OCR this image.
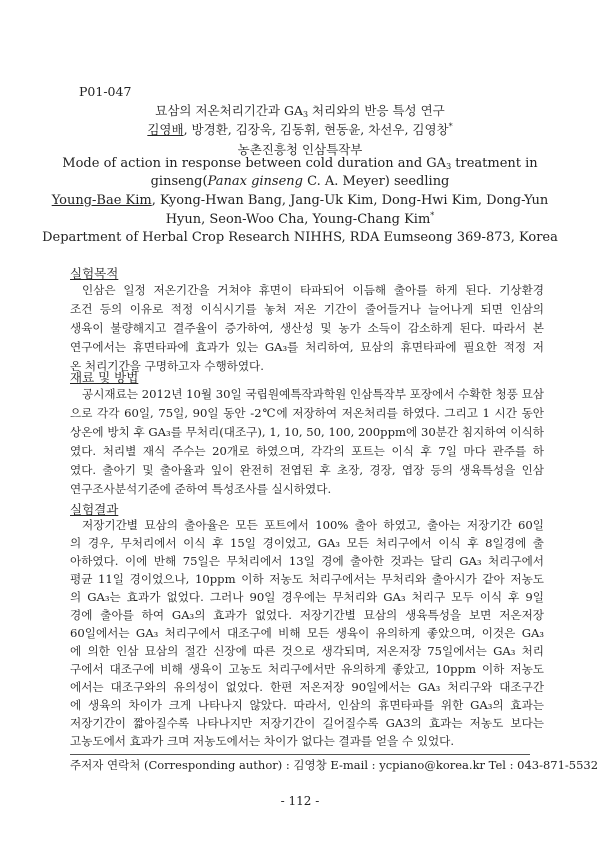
P01-047
묘삼의 저온처리기간과 $GA_3$ 처리와의 반응 특성 연구
김영배, 방경환, 김장욱, 김동휘, 현동윤, 차선우, 김영창*
농촌진흥청 인삼특작부
Mode of action in response between cold duration and $GA_3$ treatment in
ginseng(Panax ginseng C. A. Meyer) seedling
Young-Bae Kim, Kyong-Hwan Bang, Jang-Uk Kim, Dong-Hwi Kim, Dong-Yun
Hyun, Seon-Woo Cha, Young-Chang Kim*
Department of Herbal Crop Research NIHHS, RDA Eumseong 369-873, Korea
실험목적
인삼은 일정 저온기간을 거쳐야 휴면이 타파되어 이듬해 출아를 하게 된다. 기상환경
조건 등의 이유로 적정 이식시기를 놓쳐 저온 기간이 줄어들거나 늘어나게 되면 인삼의
생육이 불량해지고 결주율이 증가하여, 생산성 및 농가 소득이 감소하게 된다. 따라서 본
연구에서는 휴면타파에 효과가 있는 GA₃를 처리하여, 묘삼의 휴면타파에 필요한 적정 저
온 처리기간을 구명하고자 수행하였다.
재료 및 방법
공시재료는 2012년 10월 30일 국립원예특작과학원 인삼특작부 포장에서 수확한 청풍 묘삼
으로 각각 60일, 75일, 90일 동안 -2℃에 저장하여 저온처리를 하였다. 그리고 1 시간 동안
상온에 방치 후 GA₃를 무처리(대조구), 1, 10, 50, 100, 200ppm에 30분간 침지하여 이식하
였다. 처리별 재식 주수는 20개로 하였으며, 각각의 포트는 이식 후 7일 마다 관주를 하
였다. 출아기 및 출아율과 잎이 완전히 전엽된 후 초장, 경장, 엽장 등의 생육특성을 인삼
연구조사분석기준에 준하여 특성조사를 실시하였다.
실험결과
저장기간별 묘삼의 출아율은 모든 포트에서 100% 출아 하였고, 출아는 저장기간 60일
의 경우, 무처리에서 이식 후 15일 경이었고, GA₃ 모든 처리구에서 이식 후 8일경에 출
아하였다. 이에 반해 75일은 무처리에서 13일 경에 출아한 것과는 달리 GA₃ 처리구에서
평균 11일 경이었으나, 10ppm 이하 저농도 처리구에서는 무처리와 출아시가 같아 저농도
의 GA₃는 효과가 없었다. 그러나 90일 경우에는 무처리와 GA₃ 처리구 모두 이식 후 9일
경에 출아를 하여 GA₃의 효과가 없었다. 저장기간별 묘삼의 생육특성을 보면 저온저장
60일에서는 GA₃ 처리구에서 대조구에 비해 모든 생육이 유의하게 좋았으며, 이것은 GA₃
에 의한 인삼 묘삼의 절간 신장에 따른 것으로 생각되며, 저온저장 75일에서는 GA₃ 처리
구에서 대조구에 비해 생육이 고농도 처리구에서만 유의하게 좋았고, 10ppm 이하 저농도
에서는 대조구와의 유의성이 없었다. 한편 저온저장 90일에서는 GA₃ 처리구와 대조구간
에 생육의 차이가 크게 나타나지 않았다. 따라서, 인삼의 휴면타파를 위한 GA₃의 효과는
저장기간이 짧아질수록 나타나지만 저장기간이 길어질수록 GA3의 효과는 저농도 보다는
고농도에서 효과가 크며 저농도에서는 차이가 없다는 결과를 얻을 수 있었다.
주저자 연락처 (Corresponding author) : 김영창 E-mail : ycpiano@korea.kr Tel : 043-871-5532
- 112 -
